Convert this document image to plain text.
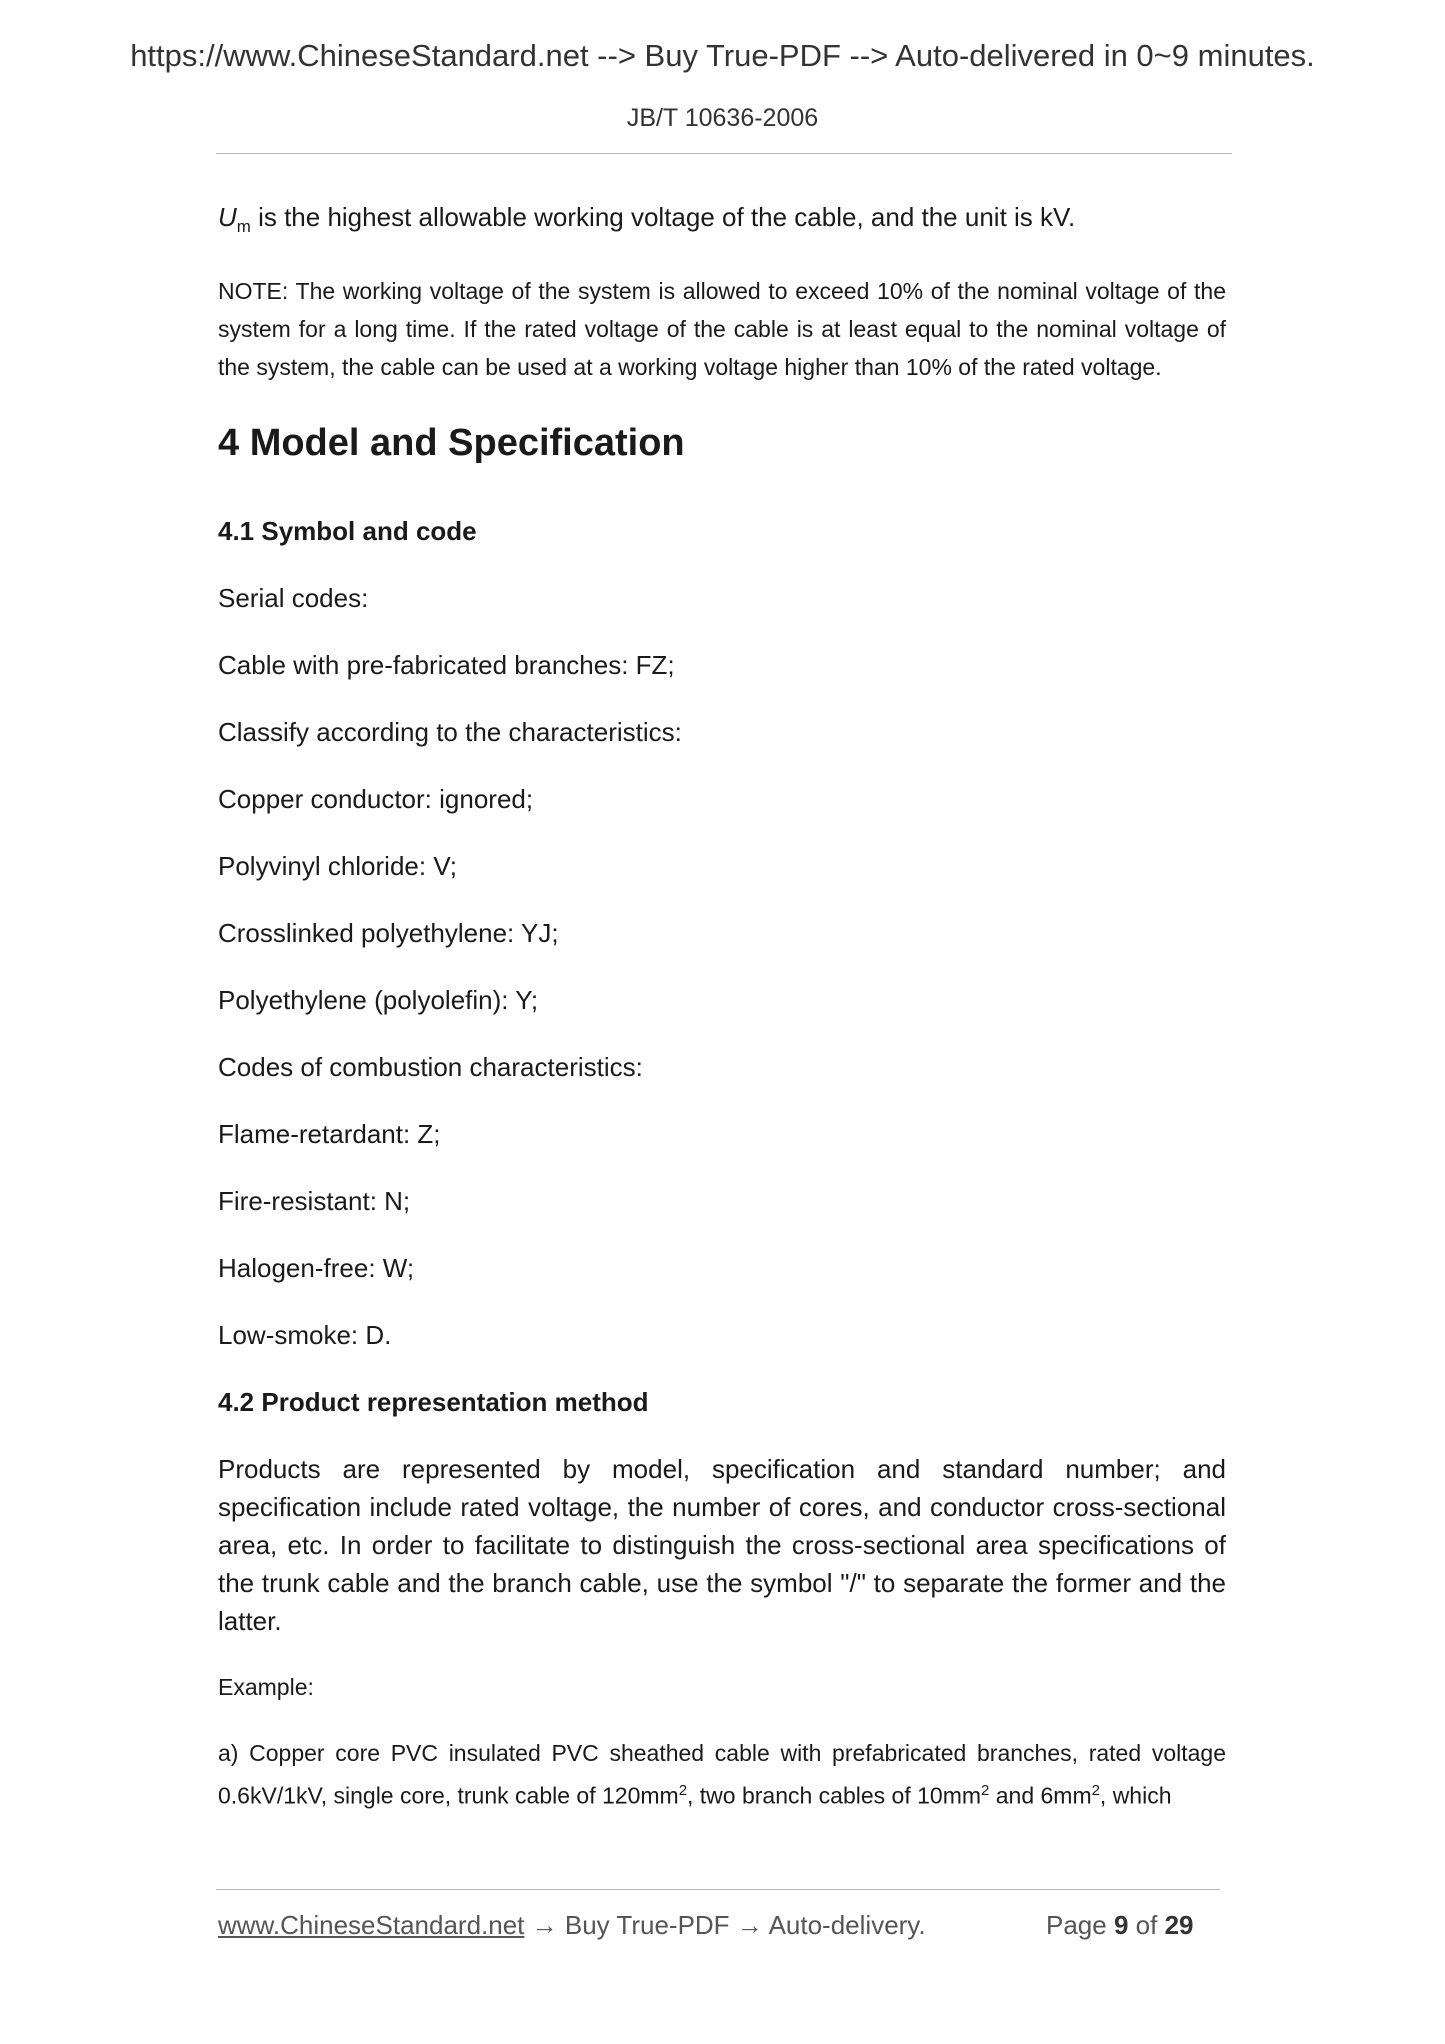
https://www.ChineseStandard.net --> Buy True-PDF --> Auto-delivered in 0~9 minutes.
JB/T 10636-2006

$U_m$ is the highest allowable working voltage of the cable, and the unit is kV.

NOTE: The working voltage of the system is allowed to exceed 10% of the nominal voltage of the system for a long time. If the rated voltage of the cable is at least equal to the nominal voltage of the system, the cable can be used at a working voltage higher than 10% of the rated voltage.

4 Model and Specification
4.1 Symbol and code

Serial codes:

Cable with pre-fabricated branches: FZ;

Classify according to the characteristics:

Copper conductor: ignored;

Polyvinyl chloride: V;

Crosslinked polyethylene: YJ;

Polyethylene (polyolefin): Y;

Codes of combustion characteristics:

Flame-retardant: Z;

Fire-resistant: N;

Halogen-free: W;

Low-smoke: D.

4.2 Product representation method

Products are represented by model, specification and standard number; and specification include rated voltage, the number of cores, and conductor cross-sectional area, etc. In order to facilitate to distinguish the cross-sectional area specifications of the trunk cable and the branch cable, use the symbol "/" to separate the former and the latter.

Example:

a) Copper core PVC insulated PVC sheathed cable with prefabricated branches, rated voltage 0.6kV/1kV, single core, trunk cable of $120mm^2$, two branch cables of $10mm^2$ and $6mm^2$, which

www.ChineseStandard.net → Buy True-PDF → Auto-delivery.	Page 9 of 29
